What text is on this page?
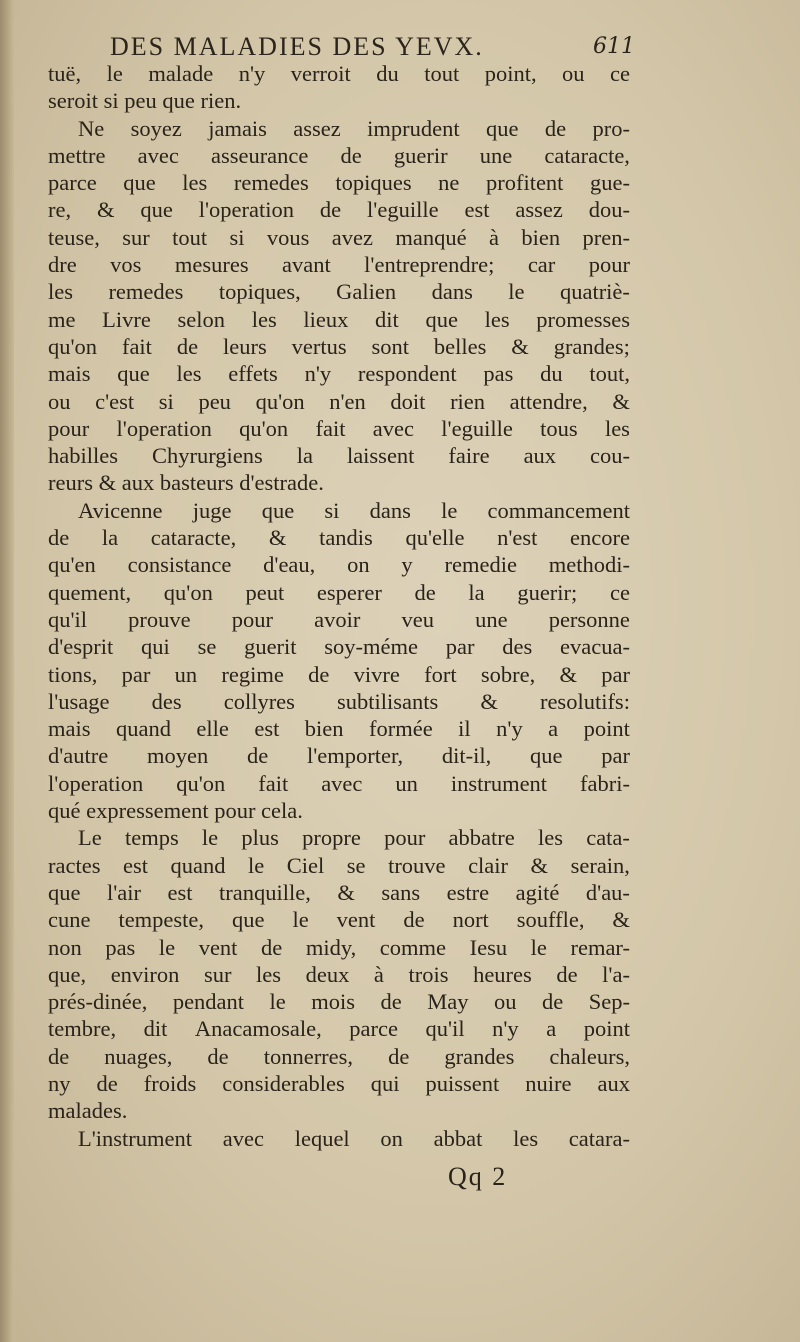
DES MALADIES DES YEVX.	611
tuë, le malade n'y verroit du tout point, ou ce
seroit si peu que rien.
Ne soyez jamais assez imprudent que de pro-
mettre avec asseurance de guerir une cataracte,
parce que les remedes topiques ne profitent gue-
re, & que l'operation de l'eguille est assez dou-
teuse, sur tout si vous avez manqué à bien pren-
dre vos mesures avant l'entreprendre; car pour
les remedes topiques, Galien dans le quatriè-
me Livre selon les lieux dit que les promesses
qu'on fait de leurs vertus sont belles & grandes;
mais que les effets n'y respondent pas du tout,
ou c'est si peu qu'on n'en doit rien attendre, &
pour l'operation qu'on fait avec l'eguille tous les
habilles Chyrurgiens la laissent faire aux cou-
reurs & aux basteurs d'estrade.
Avicenne juge que si dans le commancement
de la cataracte, & tandis qu'elle n'est encore
qu'en consistance d'eau, on y remedie methodi-
quement, qu'on peut esperer de la guerir; ce
qu'il prouve pour avoir veu une personne
d'esprit qui se guerit soy-méme par des evacua-
tions, par un regime de vivre fort sobre, & par
l'usage des collyres subtilisants & resolutifs:
mais quand elle est bien formée il n'y a point
d'autre moyen de l'emporter, dit-il, que par
l'operation qu'on fait avec un instrument fabri-
qué expressement pour cela.
Le temps le plus propre pour abbatre les cata-
ractes est quand le Ciel se trouve clair & serain,
que l'air est tranquille, & sans estre agité d'au-
cune tempeste, que le vent de nort souffle, &
non pas le vent de midy, comme Iesu le remar-
que, environ sur les deux à trois heures de l'a-
prés-dinée, pendant le mois de May ou de Sep-
tembre, dit Anacamosale, parce qu'il n'y a point
de nuages, de tonnerres, de grandes chaleurs,
ny de froids considerables qui puissent nuire aux
malades.
L'instrument avec lequel on abbat les catara-
Qq 2
